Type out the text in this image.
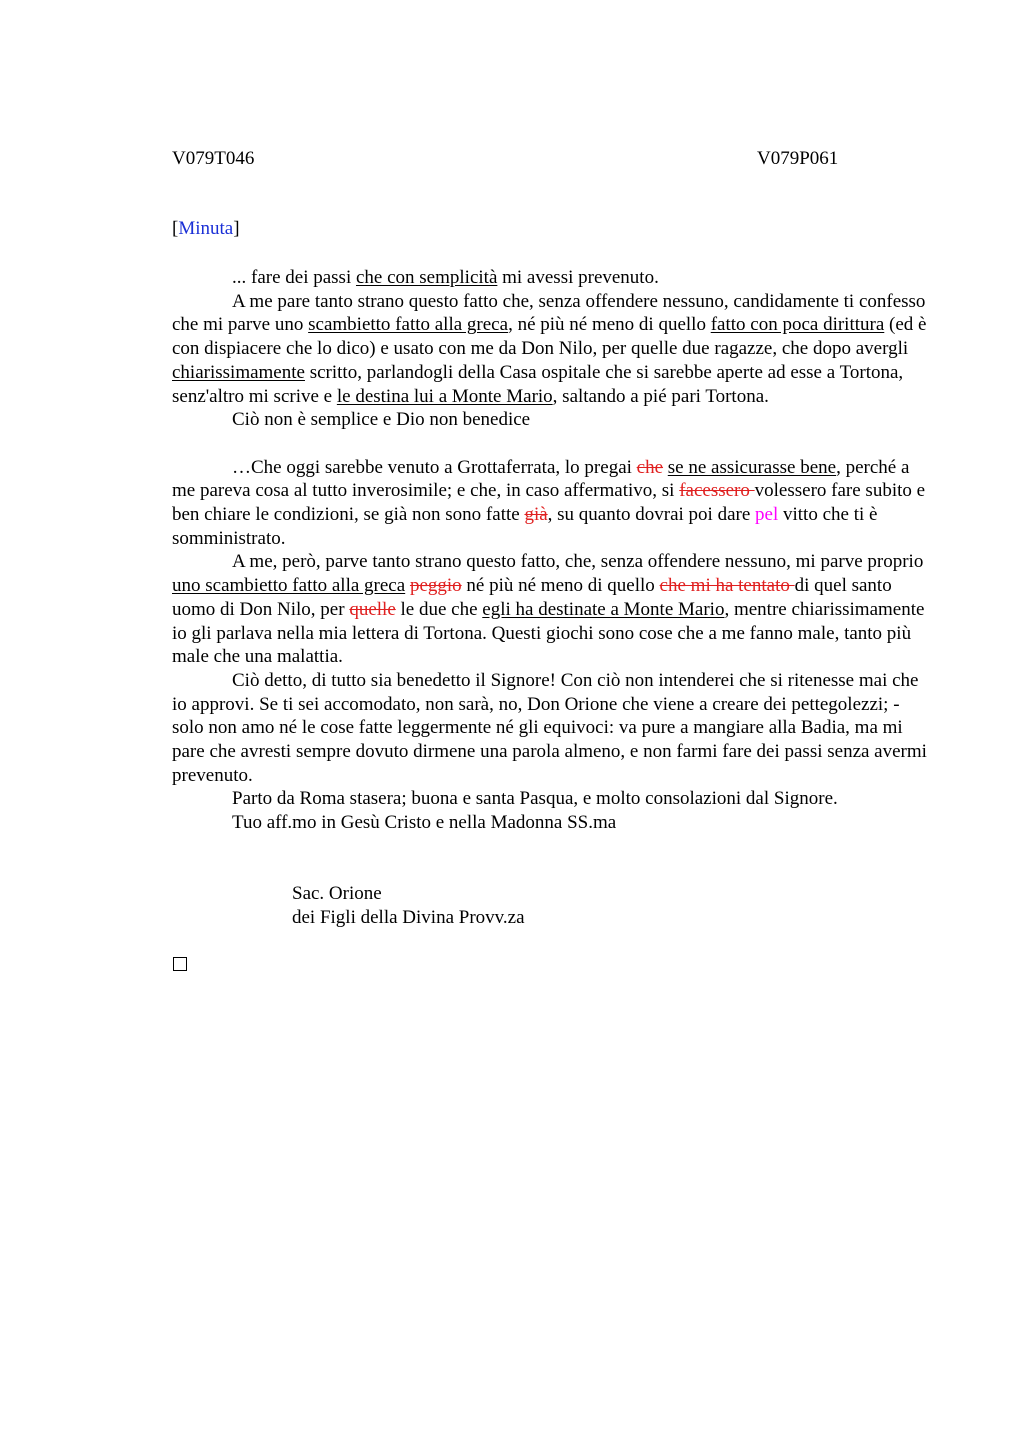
V079T046	V079P061
[Minuta]

... fare dei passi che con semplicità mi avessi prevenuto.

A me pare tanto strano questo fatto che, senza offendere nessuno, candidamente ti confesso che mi parve uno scambietto fatto alla greca, né più né meno di quello fatto con poca dirittura (ed è con dispiacere che lo dico) e usato con me da Don Nilo, per quelle due ragazze, che dopo avergli chiarissimamente scritto, parlandogli della Casa ospitale che si sarebbe aperte ad esse a Tortona, senz'altro mi scrive e le destina lui a Monte Mario, saltando a pié pari Tortona.

Ciò non è semplice e Dio non benedice

…Che oggi sarebbe venuto a Grottaferrata, lo pregai che se ne assicurasse bene, perché a me pareva cosa al tutto inverosimile; e che, in caso affermativo, si facessero volessero fare subito e ben chiare le condizioni, se già non sono fatte già, su quanto dovrai poi dare pel vitto che ti è somministrato.

A me, però, parve tanto strano questo fatto, che, senza offendere nessuno, mi parve proprio uno scambietto fatto alla greca peggio né più né meno di quello che mi ha tentato di quel santo uomo di Don Nilo, per quelle le due che egli ha destinate a Monte Mario, mentre chiarissimamente io gli parlava nella mia lettera di Tortona. Questi giochi sono cose che a me fanno male, tanto più male che una malattia.

Ciò detto, di tutto sia benedetto il Signore! Con ciò non intenderei che si ritenesse mai che io approvi. Se ti sei accomodato, non sarà, no, Don Orione che viene a creare dei pettegolezzi; - solo non amo né le cose fatte leggermente né gli equivoci: va pure a mangiare alla Badia, ma mi pare che avresti sempre dovuto dirmene una parola almeno, e non farmi fare dei passi senza avermi prevenuto.

Parto da Roma stasera; buona e santa Pasqua, e molto consolazioni dal Signore.

Tuo aff.mo in Gesù Cristo e nella Madonna SS.ma

Sac. Orione
dei Figli della Divina Provv.za
